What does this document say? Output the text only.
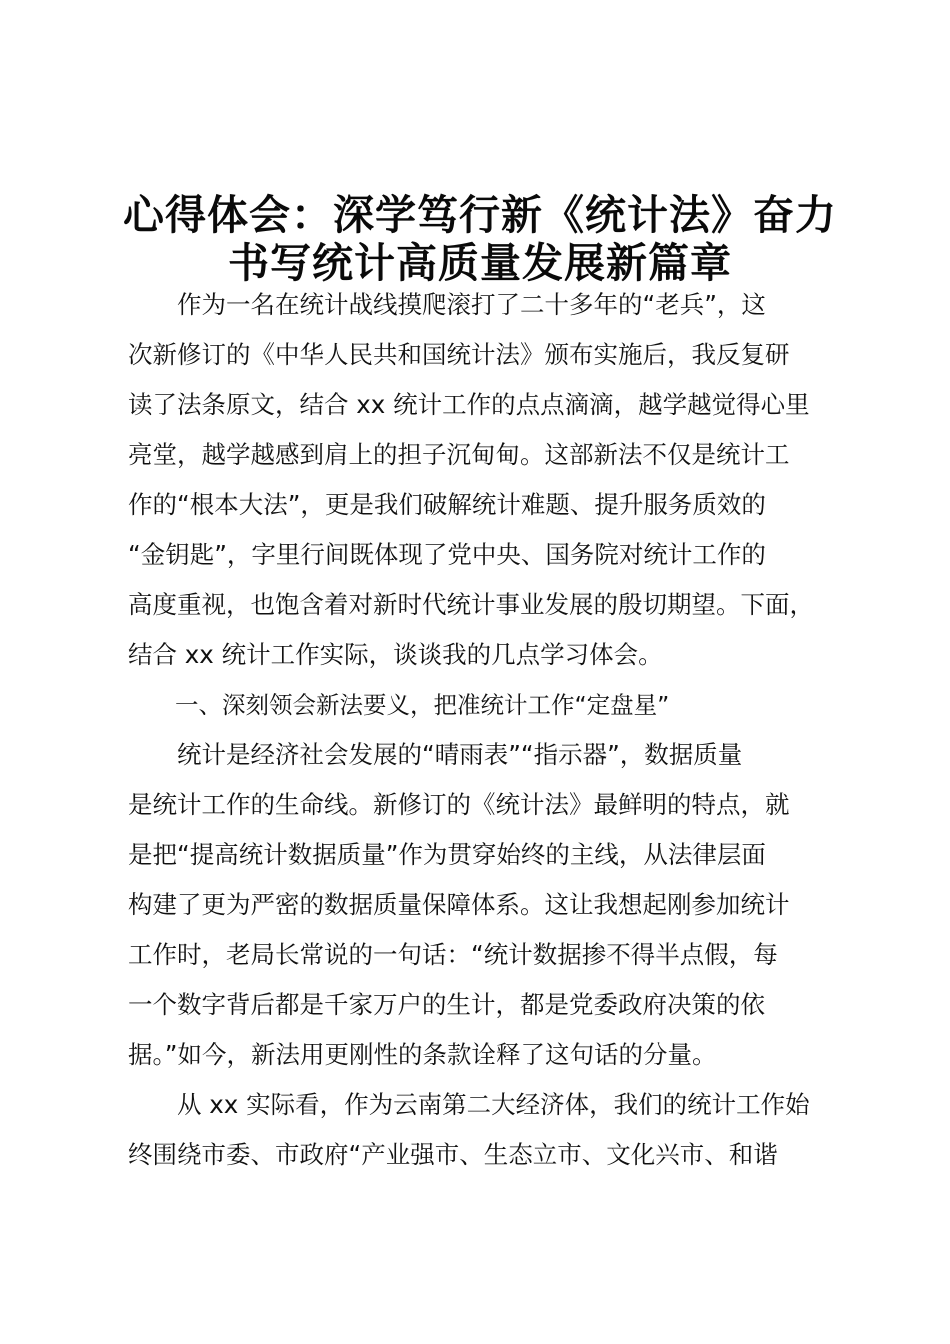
心得体会：深学笃行新《统计法》奋力
书写统计高质量发展新篇章
　　作为一名在统计战线摸爬滚打了二十多年的“老兵”，这
次新修订的《中华人民共和国统计法》颁布实施后，我反复研
读了法条原文，结合 xx 统计工作的点点滴滴，越学越觉得心里
亮堂，越学越感到肩上的担子沉甸甸。这部新法不仅是统计工
作的“根本大法”，更是我们破解统计难题、提升服务质效的
“金钥匙”，字里行间既体现了党中央、国务院对统计工作的
高度重视，也饱含着对新时代统计事业发展的殷切期望。下面，
结合 xx 统计工作实际，谈谈我的几点学习体会。
　　一、深刻领会新法要义，把准统计工作“定盘星”
　　统计是经济社会发展的“晴雨表”“指示器”，数据质量
是统计工作的生命线。新修订的《统计法》最鲜明的特点，就
是把“提高统计数据质量”作为贯穿始终的主线，从法律层面
构建了更为严密的数据质量保障体系。这让我想起刚参加统计
工作时，老局长常说的一句话：“统计数据掺不得半点假，每
一个数字背后都是千家万户的生计，都是党委政府决策的依
据。”如今，新法用更刚性的条款诠释了这句话的分量。
　　从 xx 实际看，作为云南第二大经济体，我们的统计工作始
终围绕市委、市政府“产业强市、生态立市、文化兴市、和谐
